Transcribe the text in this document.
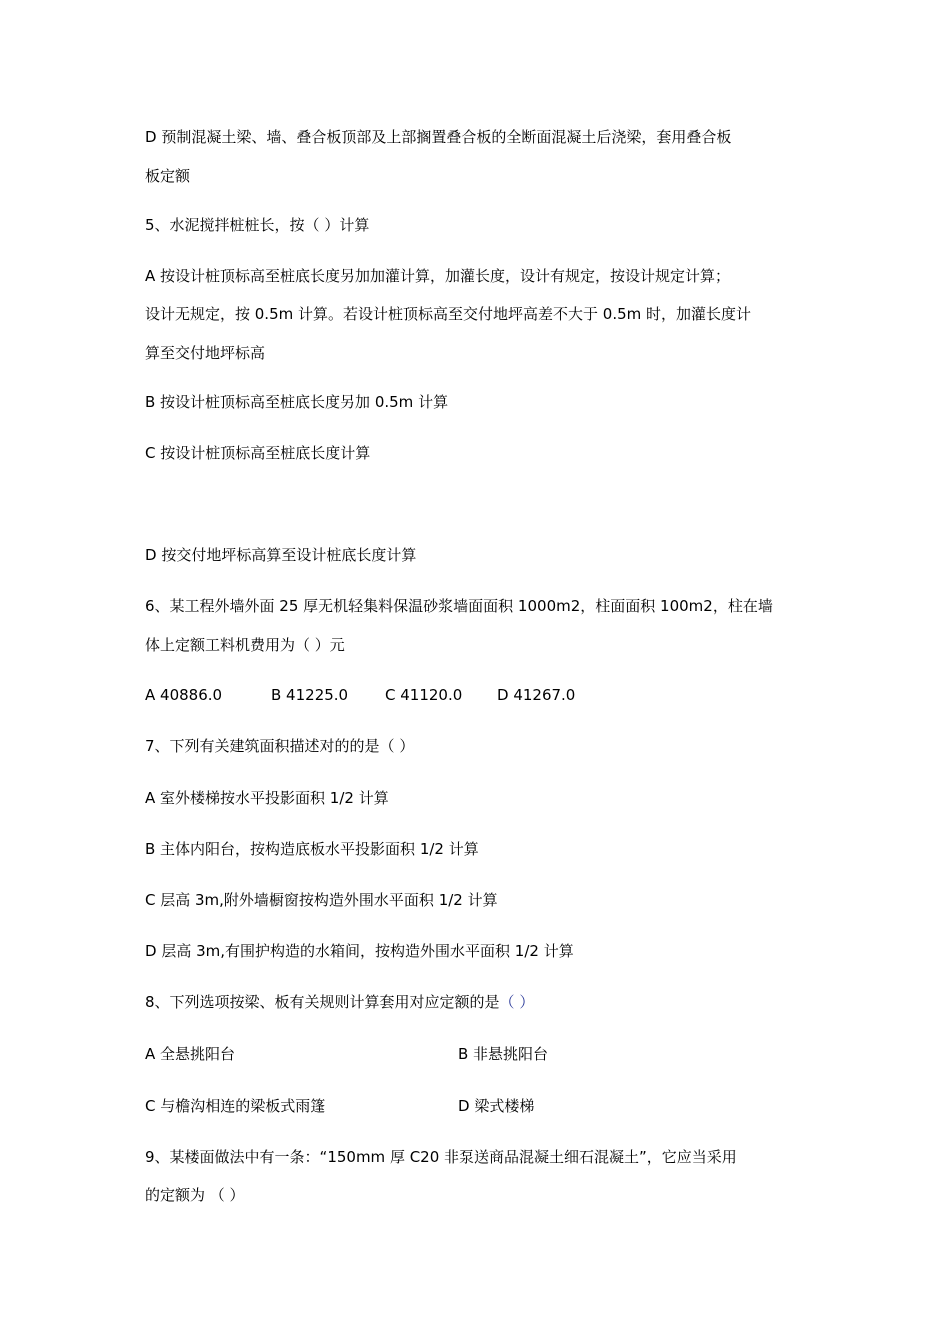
D 预制混凝土梁、墙、叠合板顶部及上部搁置叠合板的全断面混凝土后浇梁，套用叠合板
板定额
5、水泥搅拌桩桩长，按（ ）计算
A 按设计桩顶标高至桩底长度另加加灌计算，加灌长度，设计有规定，按设计规定计算；
设计无规定，按 0.5m 计算。若设计桩顶标高至交付地坪高差不大于 0.5m 时，加灌长度计
算至交付地坪标高
B 按设计桩顶标高至桩底长度另加 0.5m 计算
C 按设计桩顶标高至桩底长度计算
D 按交付地坪标高算至设计桩底长度计算
6、某工程外墙外面 25 厚无机轻集料保温砂浆墙面面积 1000m2，柱面面积 100m2，柱在墙
体上定额工料机费用为（ ）元
A 40886.0	B 41225.0 C 41120.0 D 41267.0
7、下列有关建筑面积描述对的的是（ ）
A 室外楼梯按水平投影面积 1/2 计算
B 主体内阳台，按构造底板水平投影面积 1/2 计算
C 层高 3m,附外墙橱窗按构造外围水平面积 1/2 计算
D 层高 3m,有围护构造的水箱间，按构造外围水平面积 1/2 计算
8、下列选项按梁、板有关规则计算套用对应定额的是（ ）
A 全悬挑阳台	B 非悬挑阳台
C 与檐沟相连的梁板式雨篷	D 梁式楼梯
9、某楼面做法中有一条：“150mm 厚 C20 非泵送商品混凝土细石混凝土”，它应当采用
的定额为 （ ）
